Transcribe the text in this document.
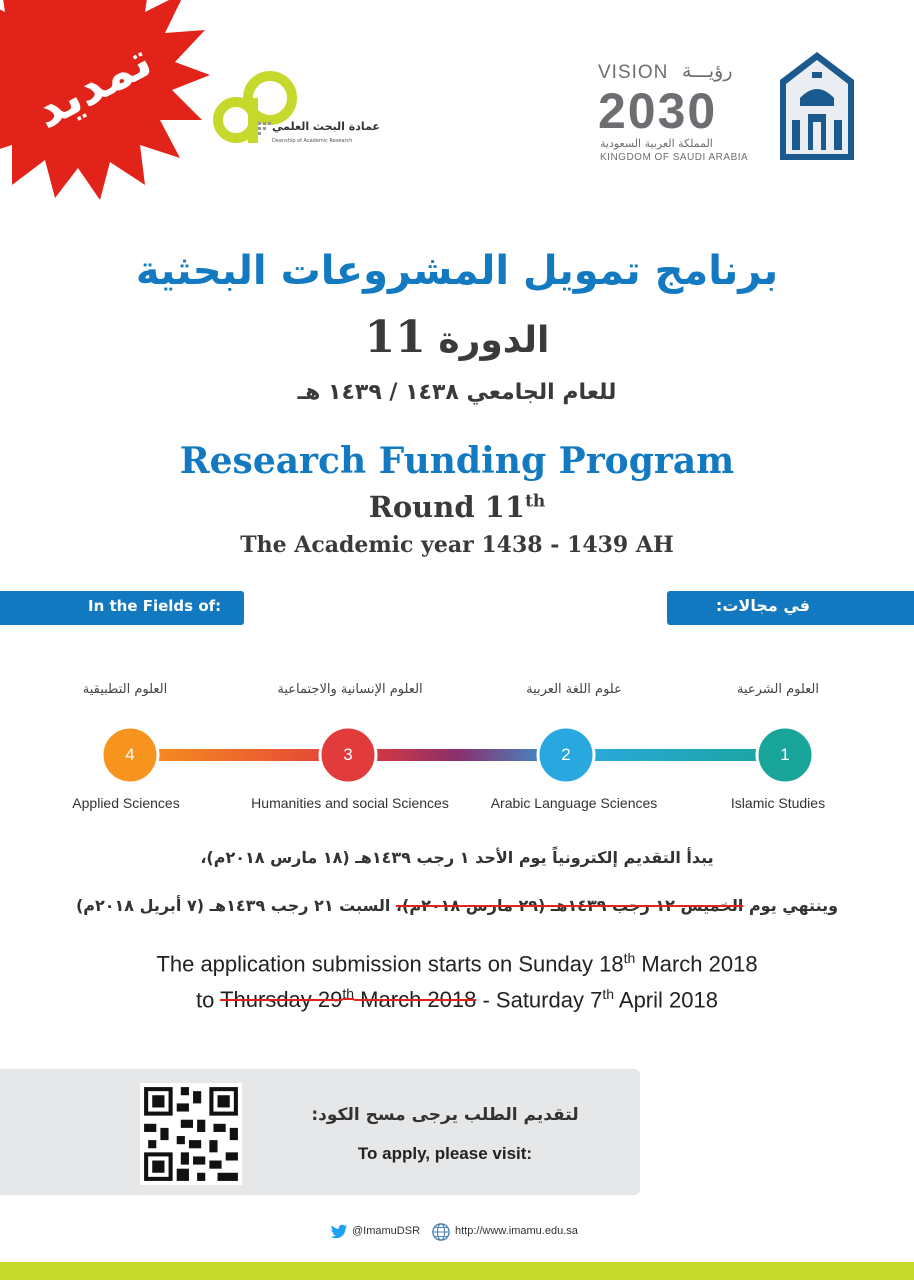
تمديد	عمادة البحث العلمي
Deanship of Academic Research
VISION رؤيـــة
2030
المملكة العربية السعودية
KINGDOM OF SAUDI ARABIA
برنامج تمويل المشروعات البحثية
الدورة 11
للعام الجامعي ١٤٣٨ / ١٤٣٩ هـ
Research Funding Program
Round 11th
The Academic year 1438 - 1439 AH
In the Fields of:	في مجالات:
4	3	2	1
العلوم التطبيقية	العلوم الإنسانية والاجتماعية	علوم اللغة العربية	العلوم الشرعية
Applied Sciences	Humanities and social Sciences	Arabic Language Sciences	Islamic Studies
يبدأ التقديم إلكترونياً يوم الأحد ١ رجب ١٤٣٩هـ (١٨ مارس ٢٠١٨م)،
وينتهي يوم الخميس ١٢ رجب ١٤٣٩هـ (٢٩ مارس ٢٠١٨م)، السبت ٢١ رجب ١٤٣٩هـ (٧ أبريل ٢٠١٨م)
The application submission starts on Sunday 18th March 2018
to Thursday 29th March 2018 - Saturday 7th April 2018
لتقديم الطلب يرجى مسح الكود:
To apply, please visit:
@ImamuDSR	http://www.imamu.edu.sa
